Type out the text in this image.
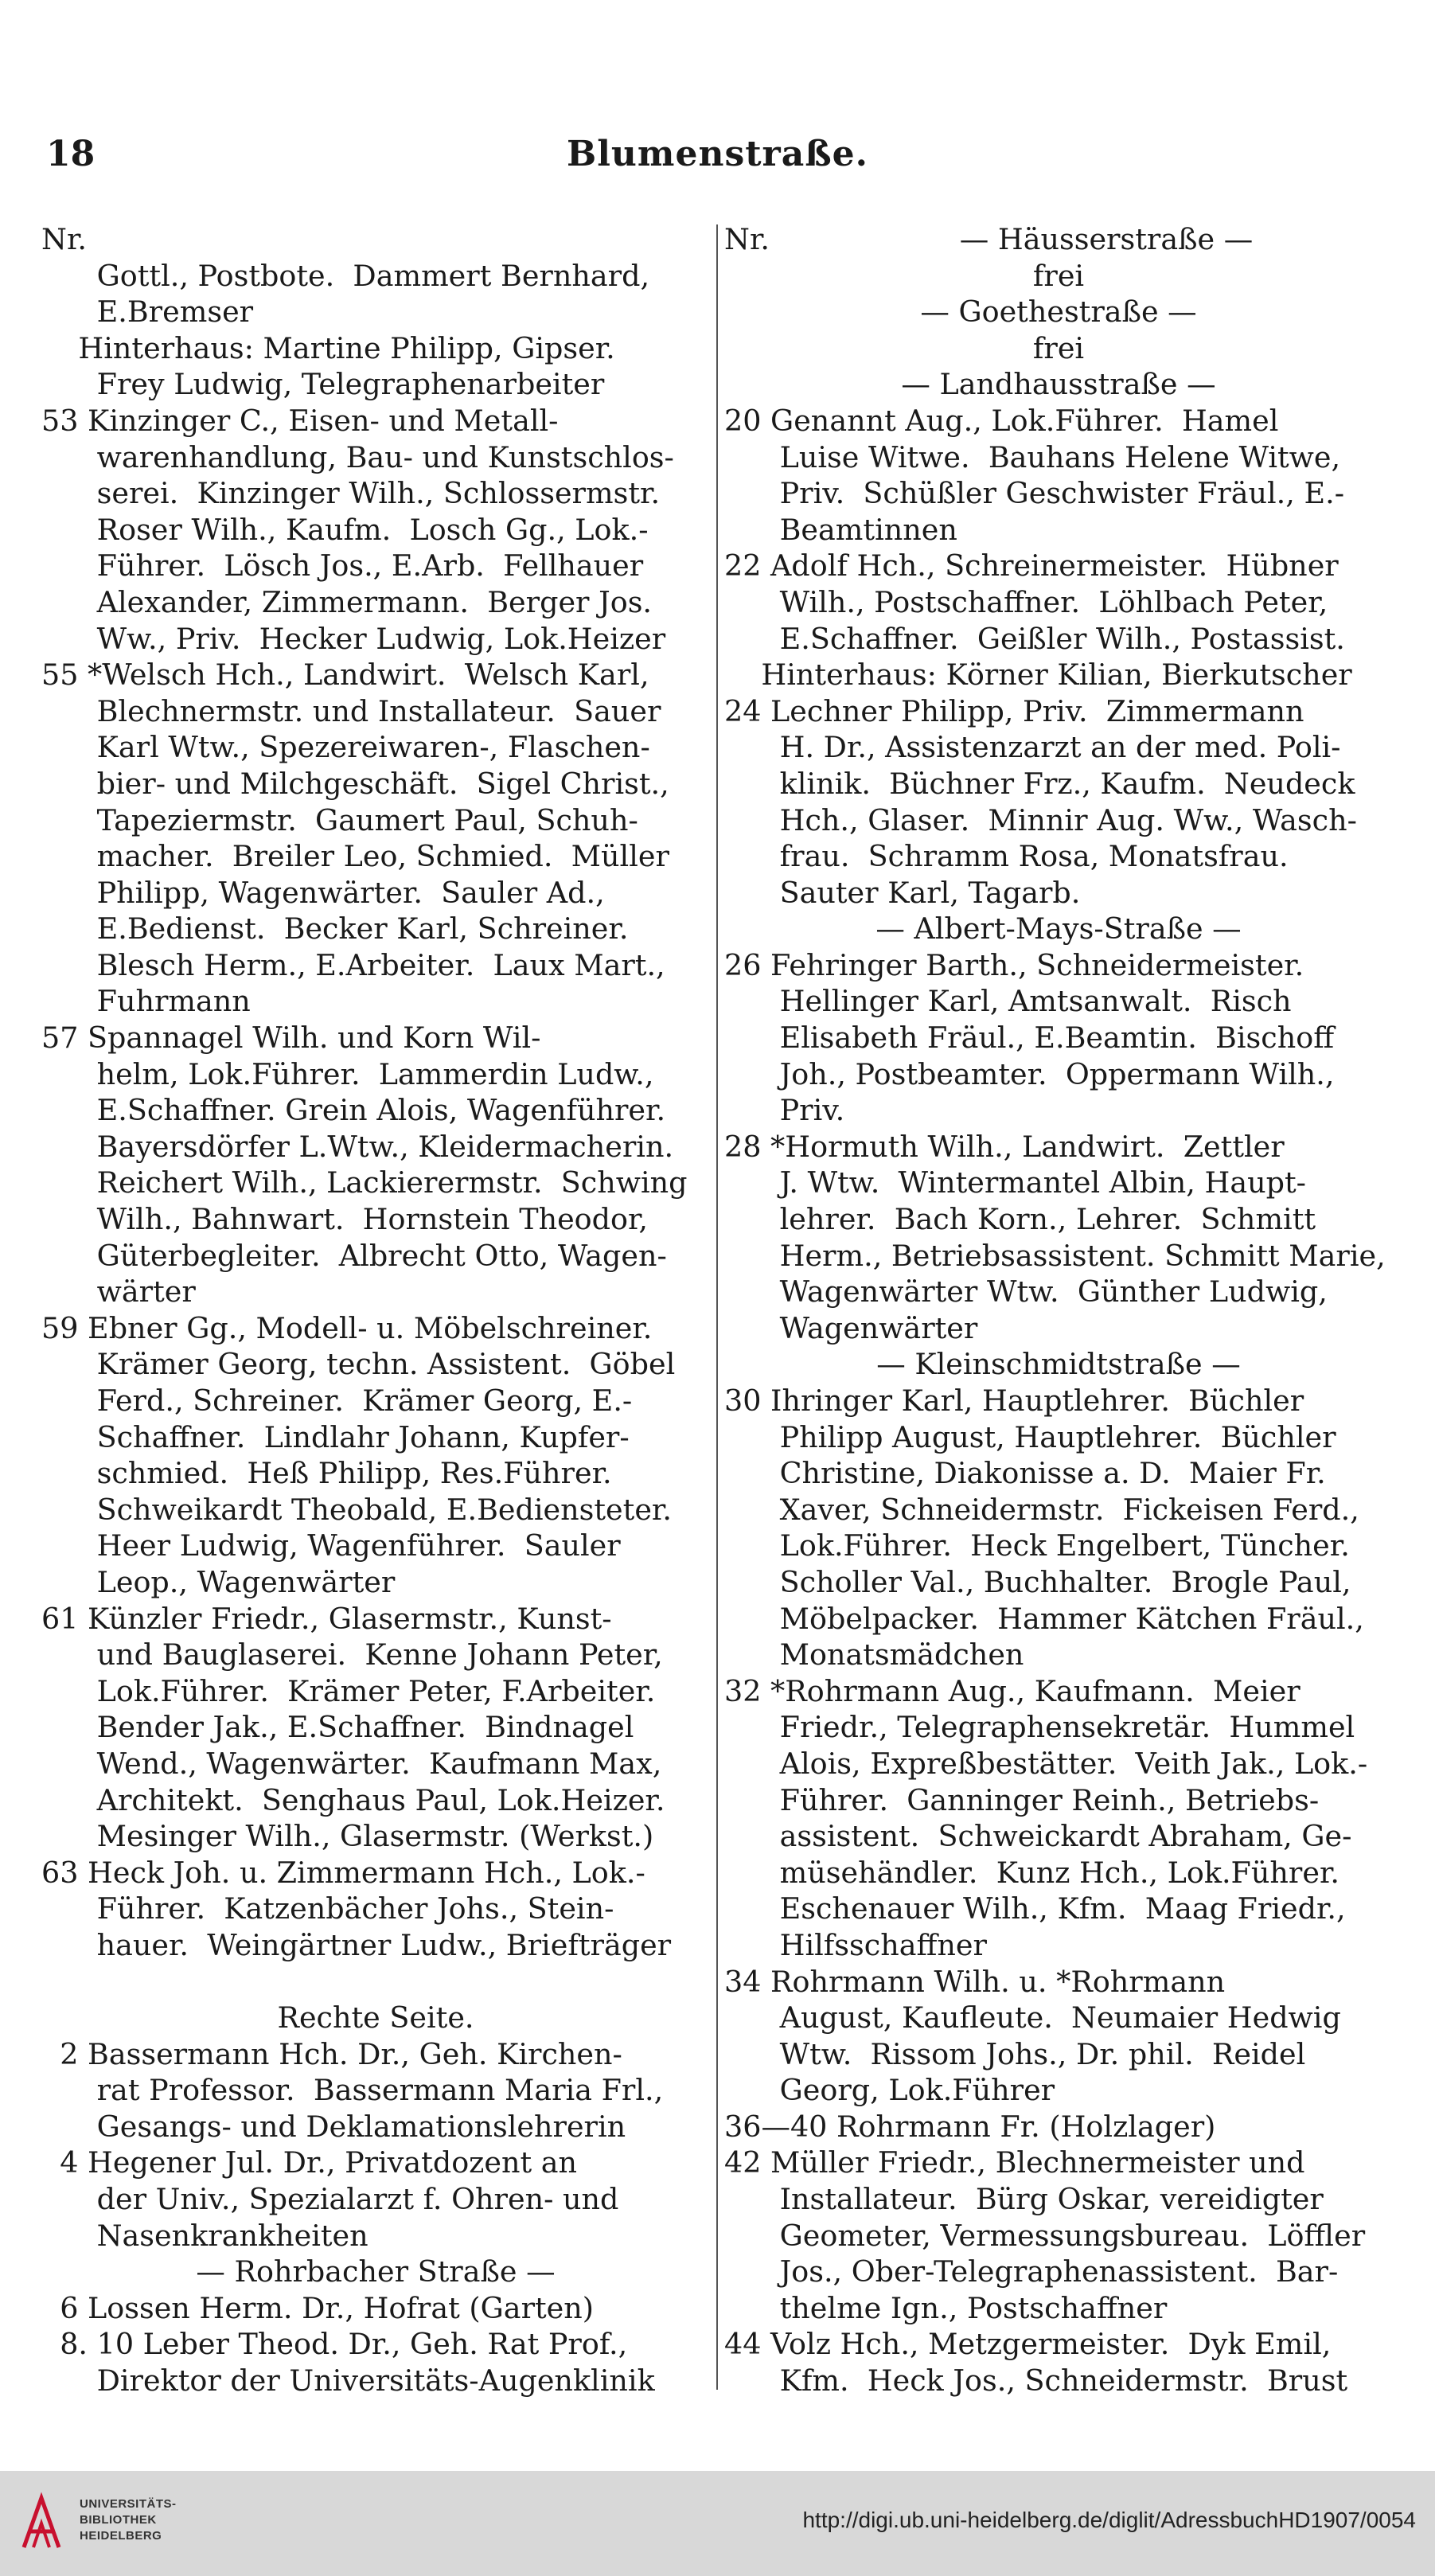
18	Blumenstraße.
Nr.
Gottl., Postbote.  Dammert Bernhard,
E.Bremser
Hinterhaus: Martine Philipp, Gipser.
Frey Ludwig, Telegraphenarbeiter
53 Kinzinger C., Eisen- und Metall-
warenhandlung, Bau- und Kunstschlos-
serei.  Kinzinger Wilh., Schlossermstr.
Roser Wilh., Kaufm.  Losch Gg., Lok.-
Führer.  Lösch Jos., E.Arb.  Fellhauer
Alexander, Zimmermann.  Berger Jos.
Ww., Priv.  Hecker Ludwig, Lok.Heizer
55 *Welsch Hch., Landwirt.  Welsch Karl,
Blechnermstr. und Installateur.  Sauer
Karl Wtw., Spezereiwaren-, Flaschen-
bier- und Milchgeschäft.  Sigel Christ.,
Tapeziermstr.  Gaumert Paul, Schuh-
macher.  Breiler Leo, Schmied.  Müller
Philipp, Wagenwärter.  Sauler Ad.,
E.Bedienst.  Becker Karl, Schreiner.
Blesch Herm., E.Arbeiter.  Laux Mart.,
Fuhrmann
57 Spannagel Wilh. und Korn Wil-
helm, Lok.Führer.  Lammerdin Ludw.,
E.Schaffner. Grein Alois, Wagenführer.
Bayersdörfer L.Wtw., Kleidermacherin.
Reichert Wilh., Lackierermstr.  Schwing
Wilh., Bahnwart.  Hornstein Theodor,
Güterbegleiter.  Albrecht Otto, Wagen-
wärter
59 Ebner Gg., Modell- u. Möbelschreiner.
Krämer Georg, techn. Assistent.  Göbel
Ferd., Schreiner.  Krämer Georg, E.-
Schaffner.  Lindlahr Johann, Kupfer-
schmied.  Heß Philipp, Res.Führer.
Schweikardt Theobald, E.Bediensteter.
Heer Ludwig, Wagenführer.  Sauler
Leop., Wagenwärter
61 Künzler Friedr., Glasermstr., Kunst-
und Bauglaserei.  Kenne Johann Peter,
Lok.Führer.  Krämer Peter, F.Arbeiter.
Bender Jak., E.Schaffner.  Bindnagel
Wend., Wagenwärter.  Kaufmann Max,
Architekt.  Senghaus Paul, Lok.Heizer.
Mesinger Wilh., Glasermstr. (Werkst.)
63 Heck Joh. u. Zimmermann Hch., Lok.-
Führer.  Katzenbächer Johs., Stein-
hauer.  Weingärtner Ludw., Briefträger

Rechte Seite.
2 Bassermann Hch. Dr., Geh. Kirchen-
rat Professor.  Bassermann Maria Frl.,
Gesangs- und Deklamationslehrerin
4 Hegener Jul. Dr., Privatdozent an
der Univ., Spezialarzt f. Ohren- und
Nasenkrankheiten
— Rohrbacher Straße —
6 Lossen Herm. Dr., Hofrat (Garten)
8. 10 Leber Theod. Dr., Geh. Rat Prof.,
Direktor der Universitäts-Augenklinik
Nr.	— Häusserstraße —
frei
— Goethestraße —
frei
— Landhausstraße —
20 Genannt Aug., Lok.Führer.  Hamel
Luise Witwe.  Bauhans Helene Witwe,
Priv.  Schüßler Geschwister Fräul., E.-
Beamtinnen
22 Adolf Hch., Schreinermeister.  Hübner
Wilh., Postschaffner.  Löhlbach Peter,
E.Schaffner.  Geißler Wilh., Postassist.
Hinterhaus: Körner Kilian, Bierkutscher
24 Lechner Philipp, Priv.  Zimmermann
H. Dr., Assistenzarzt an der med. Poli-
klinik.  Büchner Frz., Kaufm.  Neudeck
Hch., Glaser.  Minnir Aug. Ww., Wasch-
frau.  Schramm Rosa, Monatsfrau.
Sauter Karl, Tagarb.
— Albert-Mays-Straße —
26 Fehringer Barth., Schneidermeister.
Hellinger Karl, Amtsanwalt.  Risch
Elisabeth Fräul., E.Beamtin.  Bischoff
Joh., Postbeamter.  Oppermann Wilh.,
Priv.
28 *Hormuth Wilh., Landwirt.  Zettler
J. Wtw.  Wintermantel Albin, Haupt-
lehrer.  Bach Korn., Lehrer.  Schmitt
Herm., Betriebsassistent. Schmitt Marie,
Wagenwärter Wtw.  Günther Ludwig,
Wagenwärter
— Kleinschmidtstraße —
30 Ihringer Karl, Hauptlehrer.  Büchler
Philipp August, Hauptlehrer.  Büchler
Christine, Diakonisse a. D.  Maier Fr.
Xaver, Schneidermstr.  Fickeisen Ferd.,
Lok.Führer.  Heck Engelbert, Tüncher.
Scholler Val., Buchhalter.  Brogle Paul,
Möbelpacker.  Hammer Kätchen Fräul.,
Monatsmädchen
32 *Rohrmann Aug., Kaufmann.  Meier
Friedr., Telegraphensekretär.  Hummel
Alois, Expreßbestätter.  Veith Jak., Lok.-
Führer.  Ganninger Reinh., Betriebs-
assistent.  Schweickardt Abraham, Ge-
müsehändler.  Kunz Hch., Lok.Führer.
Eschenauer Wilh., Kfm.  Maag Friedr.,
Hilfsschaffner
34 Rohrmann Wilh. u. *Rohrmann
August, Kaufleute.  Neumaier Hedwig
Wtw.  Rissom Johs., Dr. phil.  Reidel
Georg, Lok.Führer
36—40 Rohrmann Fr. (Holzlager)
42 Müller Friedr., Blechnermeister und
Installateur.  Bürg Oskar, vereidigter
Geometer, Vermessungsbureau.  Löffler
Jos., Ober-Telegraphenassistent.  Bar-
thelme Ign., Postschaffner
44 Volz Hch., Metzgermeister.  Dyk Emil,
Kfm.  Heck Jos., Schneidermstr.  Brust
UNIVERSITÄTS-
BIBLIOTHEK
HEIDELBERG
http://digi.ub.uni-heidelberg.de/diglit/AdressbuchHD1907/0054
